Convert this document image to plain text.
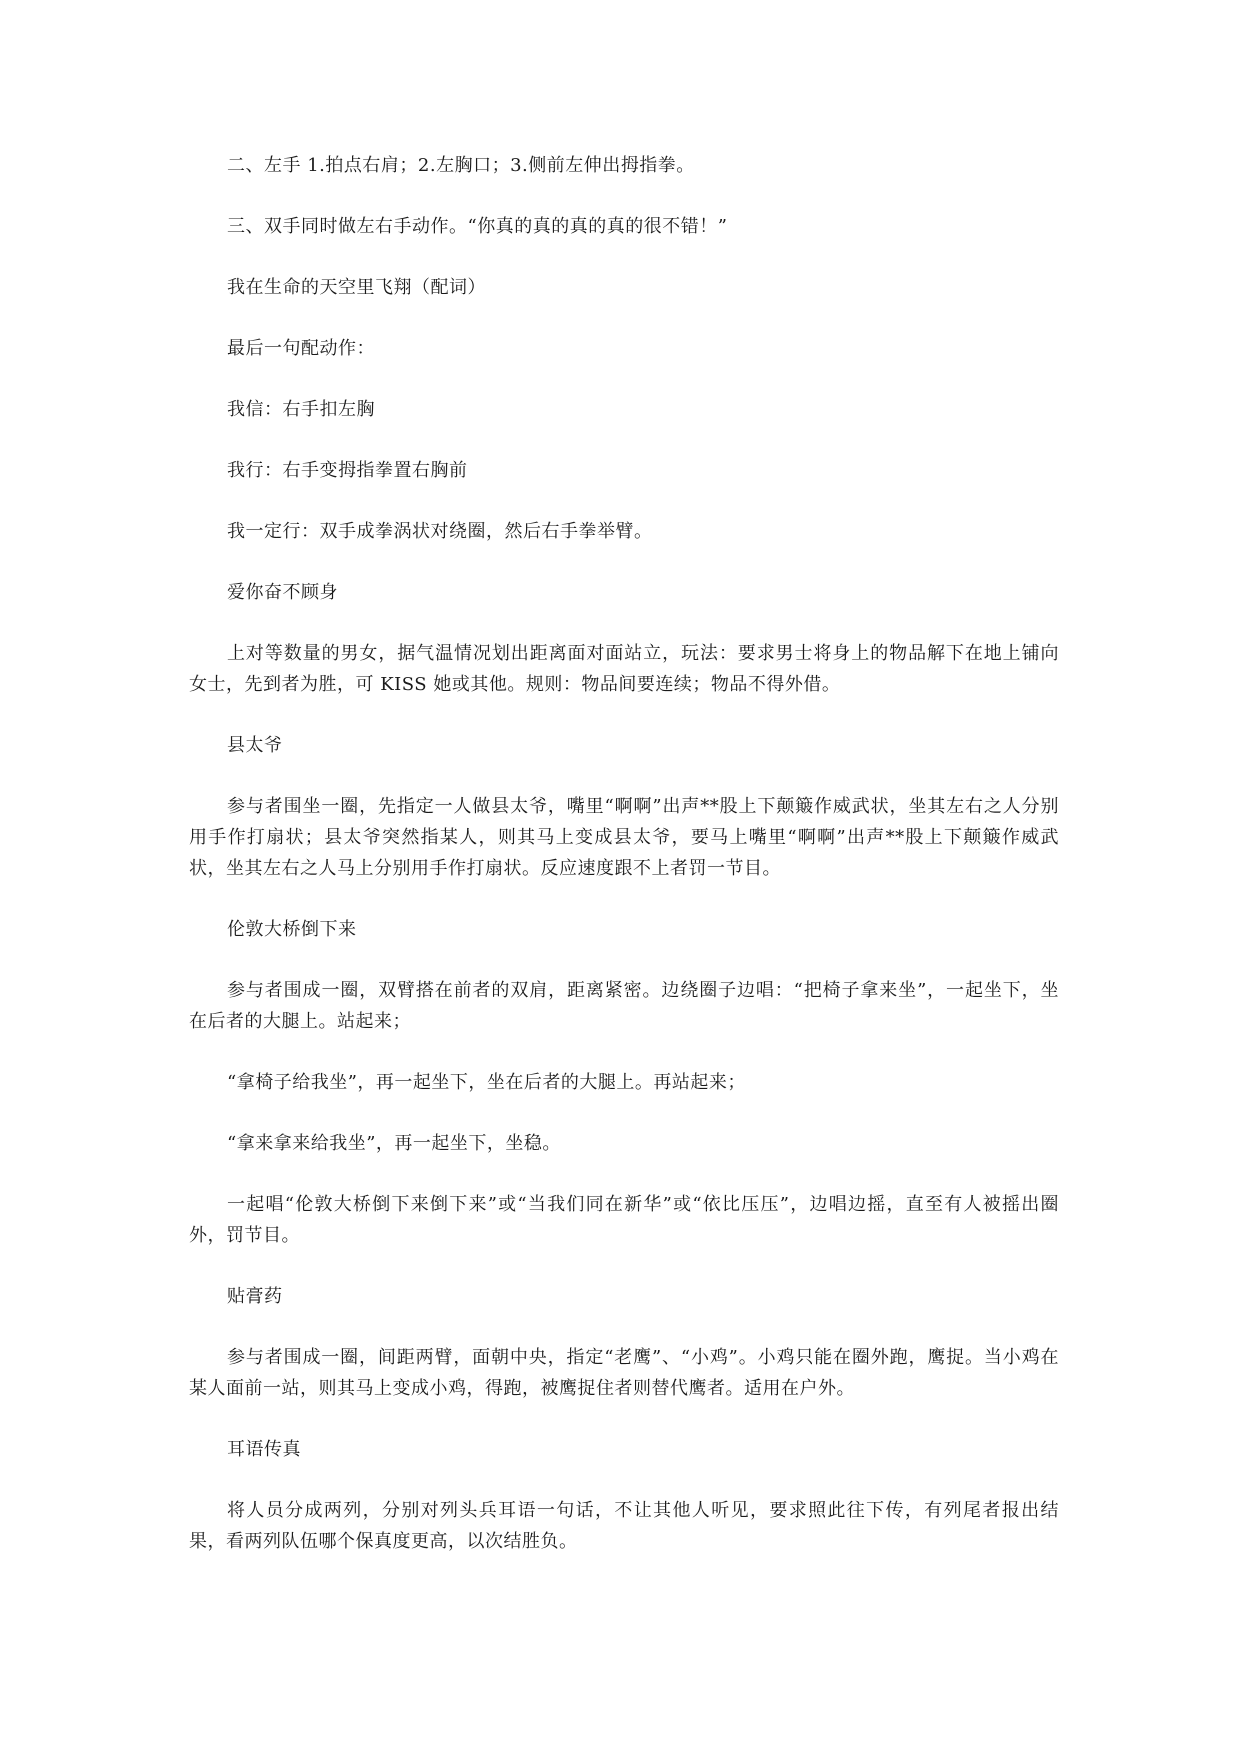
二、左手 1.拍点右肩；2.左胸口；3.侧前左伸出拇指拳。

三、双手同时做左右手动作。“你真的真的真的真的很不错！”

我在生命的天空里飞翔（配词）

最后一句配动作：

我信：右手扣左胸

我行：右手变拇指拳置右胸前

我一定行：双手成拳涡状对绕圈，然后右手拳举臂。

爱你奋不顾身

上对等数量的男女，据气温情况划出距离面对面站立，玩法：要求男士将身上的物品解下在地上铺向女士，先到者为胜，可 KISS 她或其他。规则：物品间要连续；物品不得外借。

县太爷

参与者围坐一圈，先指定一人做县太爷，嘴里“啊啊”出声**股上下颠簸作威武状，坐其左右之人分别用手作打扇状；县太爷突然指某人，则其马上变成县太爷，要马上嘴里“啊啊”出声**股上下颠簸作威武状，坐其左右之人马上分别用手作打扇状。反应速度跟不上者罚一节目。

伦敦大桥倒下来

参与者围成一圈，双臂搭在前者的双肩，距离紧密。边绕圈子边唱：“把椅子拿来坐”，一起坐下，坐在后者的大腿上。站起来；

“拿椅子给我坐”，再一起坐下，坐在后者的大腿上。再站起来；

“拿来拿来给我坐”，再一起坐下，坐稳。

一起唱“伦敦大桥倒下来倒下来”或“当我们同在新华”或“依比压压”，边唱边摇，直至有人被摇出圈外，罚节目。

贴膏药

参与者围成一圈，间距两臂，面朝中央，指定“老鹰”、“小鸡”。小鸡只能在圈外跑，鹰捉。当小鸡在某人面前一站，则其马上变成小鸡，得跑，被鹰捉住者则替代鹰者。适用在户外。

耳语传真

将人员分成两列，分别对列头兵耳语一句话，不让其他人听见，要求照此往下传，有列尾者报出结果，看两列队伍哪个保真度更高，以次结胜负。
